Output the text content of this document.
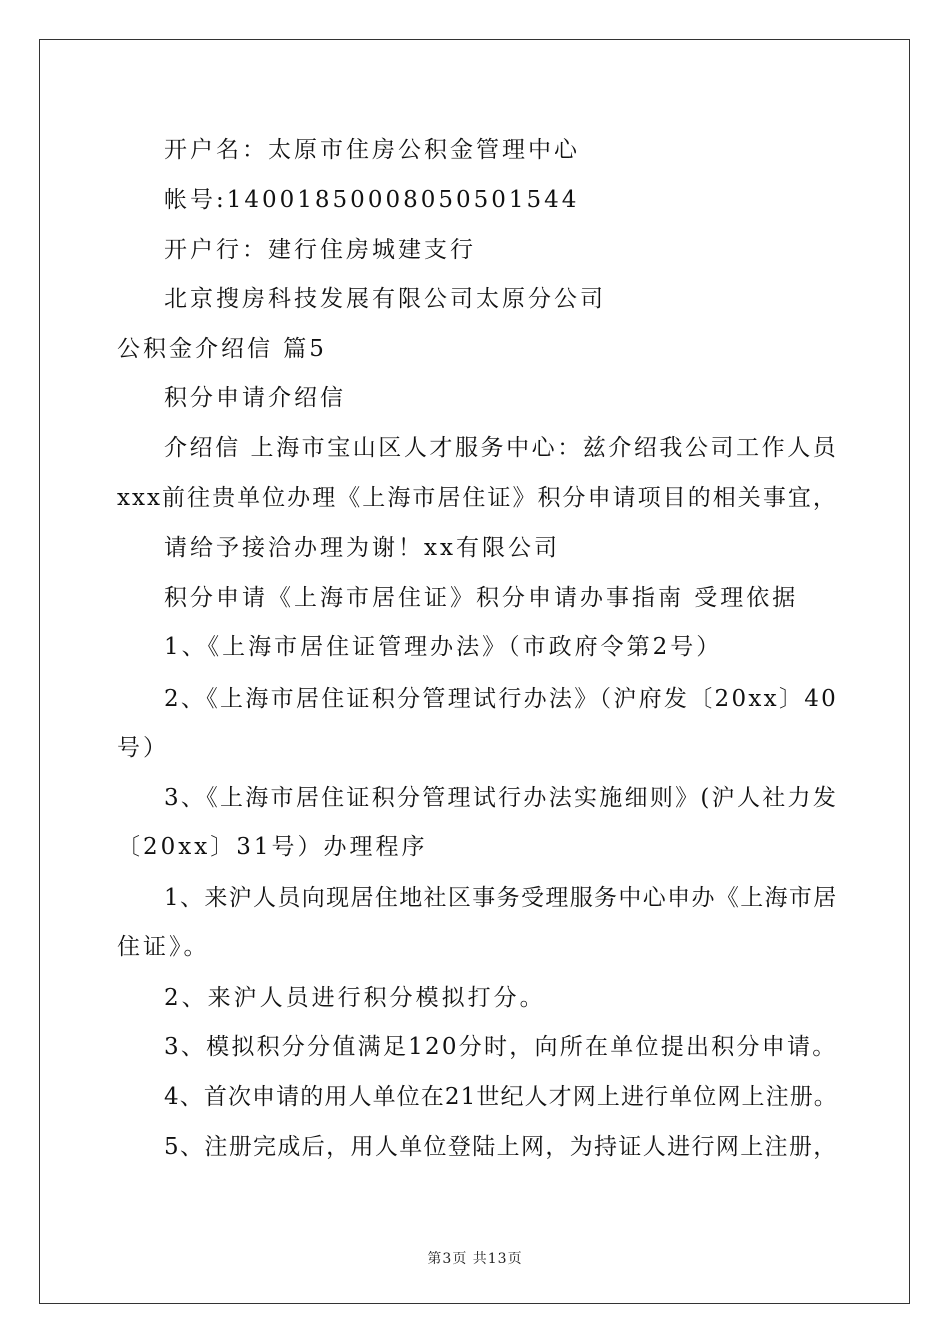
开户名：太原市住房公积金管理中心
帐号:14001850008050501544
开户行：建行住房城建支行
北京搜房科技发展有限公司太原分公司
公积金介绍信 篇5
积分申请介绍信
介绍信 上海市宝山区人才服务中心：兹介绍我公司工作人员
xxx前往贵单位办理《上海市居住证》积分申请项目的相关事宜，
请给予接洽办理为谢！xx有限公司
积分申请《上海市居住证》积分申请办事指南 受理依据
1、《上海市居住证管理办法》（市政府令第2号）
2、《上海市居住证积分管理试行办法》（沪府发〔20xx〕40
号）
3、《上海市居住证积分管理试行办法实施细则》(沪人社力发
〔20xx〕31号）办理程序
1、来沪人员向现居住地社区事务受理服务中心申办《上海市居
住证》。
2、来沪人员进行积分模拟打分。
3、模拟积分分值满足120分时，向所在单位提出积分申请。
4、首次申请的用人单位在21世纪人才网上进行单位网上注册。
5、注册完成后，用人单位登陆上网，为持证人进行网上注册，
第3页 共13页
